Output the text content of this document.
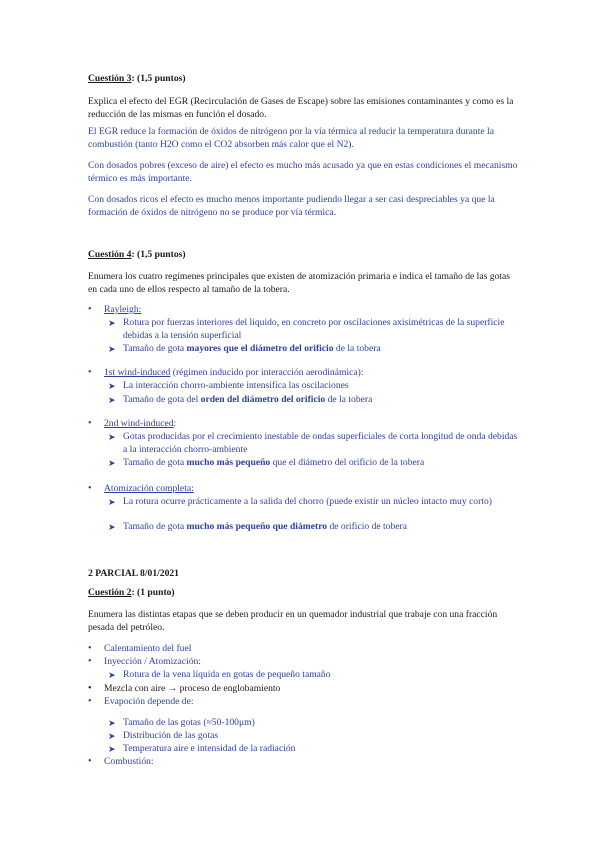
Cuestión 3: (1,5 puntos)
Explica el efecto del EGR (Recirculación de Gases de Escape) sobre las emisiones contaminantes y como es la reducción de las mismas en función el dosado.
El EGR reduce la formación de óxidos de nitrógeno por la vía térmica al reducir la temperatura durante la combustión (tanto H2O como el CO2 absorben más calor que el N2).
Con dosados pobres (exceso de aire) el efecto es mucho más acusado ya que en estas condiciones el mecanismo térmico es más importante.
Con dosados ricos el efecto es mucho menos importante pudiendo llegar a ser casi despreciables ya que la formación de óxidos de nitrógeno no se produce por vía térmica.
Cuestión 4: (1,5 puntos)
Enumera los cuatro regímenes principales que existen de atomización primaria e indica el tamaño de las gotas en cada uno de ellos respecto al tamaño de la tobera.
•	Rayleigh:
➤ Rotura por fuerzas interiores del líquido, en concreto por oscilaciones axisimétricas de la superficie debidas a la tensión superficial
➤ Tamaño de gota mayores que el diámetro del orificio de la tobera
•	1st wind-induced (régimen inducido por interacción aerodinámica):
➤ La interacción chorro-ambiente intensifica las oscilaciones
➤ Tamaño de gota del orden del diámetro del orificio de la tobera
•	2nd wind-induced:
➤ Gotas producidas por el crecimiento inestable de ondas superficiales de corta longitud de onda debidas a la interacción chorro-ambiente
➤ Tamaño de gota mucho más pequeño que el diámetro del orificio de la tobera
•	Atomización completa:
➤ La rotura ocurre prácticamente a la salida del chorro (puede existir un núcleo intacto muy corto)
➤ Tamaño de gota mucho más pequeño que diámetro de orificio de tobera
2 PARCIAL 8/01/2021
Cuestión 2: (1 punto)
Enumera las distintas etapas que se deben producir en un quemador industrial que trabaje con una fracción pesada del petróleo.
•	Calentamiento del fuel
•	Inyección / Atomización:
➤ Rotura de la vena líquida en gotas de pequeño tamaño
•	Mezcla con aire → proceso de englobamiento
•	Evapoción depende de:
➤ Tamaño de las gotas (≈50-100μm)
➤ Distribución de las gotas
➤ Temperatura aire e intensidad de la radiación
•	Combustión:
